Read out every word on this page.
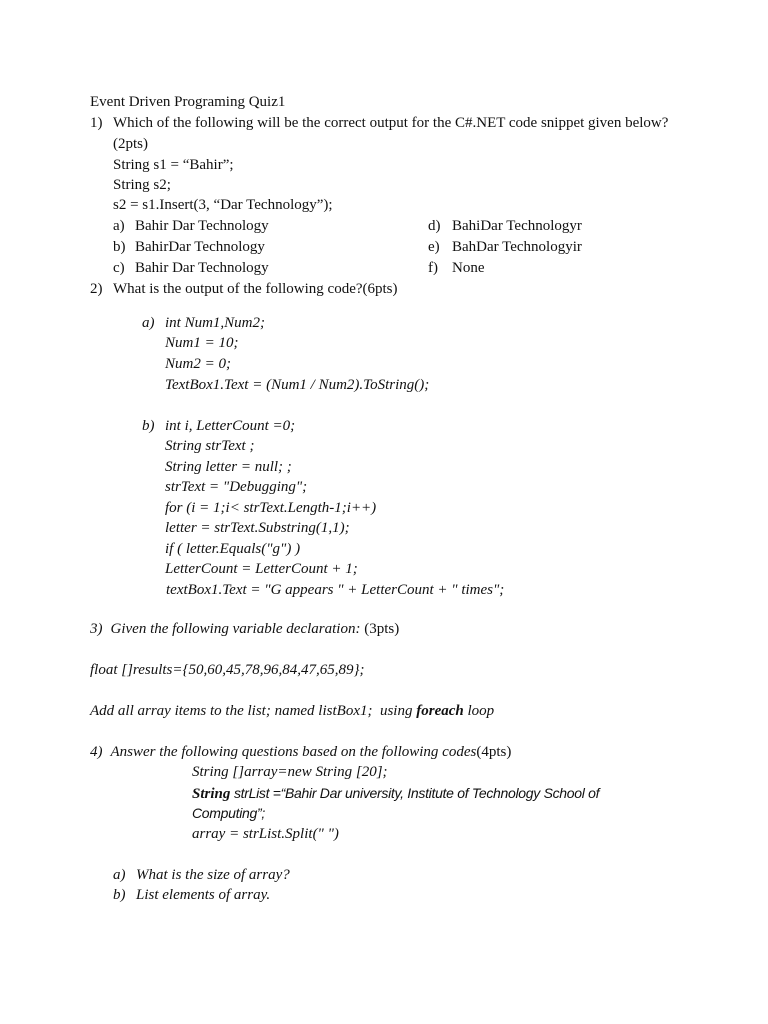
Event Driven Programing Quiz1
1) Which of the following will be the correct output for the C#.NET code snippet given below?
(2pts)
String s1 = “Bahir”;
String s2;
s2 = s1.Insert(3, “Dar Technology”);
a) Bahir Dar Technology
b) BahirDar Technology
c) Bahir Dar Technology
d) BahiDar Technologyr
e) BahDar Technologyir
f) None
2) What is the output of the following code?(6pts)
a) int Num1,Num2;
Num1 = 10;
Num2 = 0;
TextBox1.Text = (Num1 / Num2).ToString();
b) int i, LetterCount =0;
String strText ;
String letter = null; ;
strText = "Debugging";
for (i = 1;i< strText.Length-1;i++)
letter = strText.Substring(1,1);
if ( letter.Equals("g") )
LetterCount = LetterCount + 1;
textBox1.Text = "G appears " + LetterCount + " times";
3) Given the following variable declaration: (3pts)
float []results={50,60,45,78,96,84,47,65,89};
Add all array items to the list; named listBox1;  using foreach loop
4) Answer the following questions based on the following codes(4pts)
String []array=new String [20];
String strList =“Bahir Dar university, Institute of Technology School of
Computing”;
array = strList.Split(" ")
a) What is the size of array?
b) List elements of array.
